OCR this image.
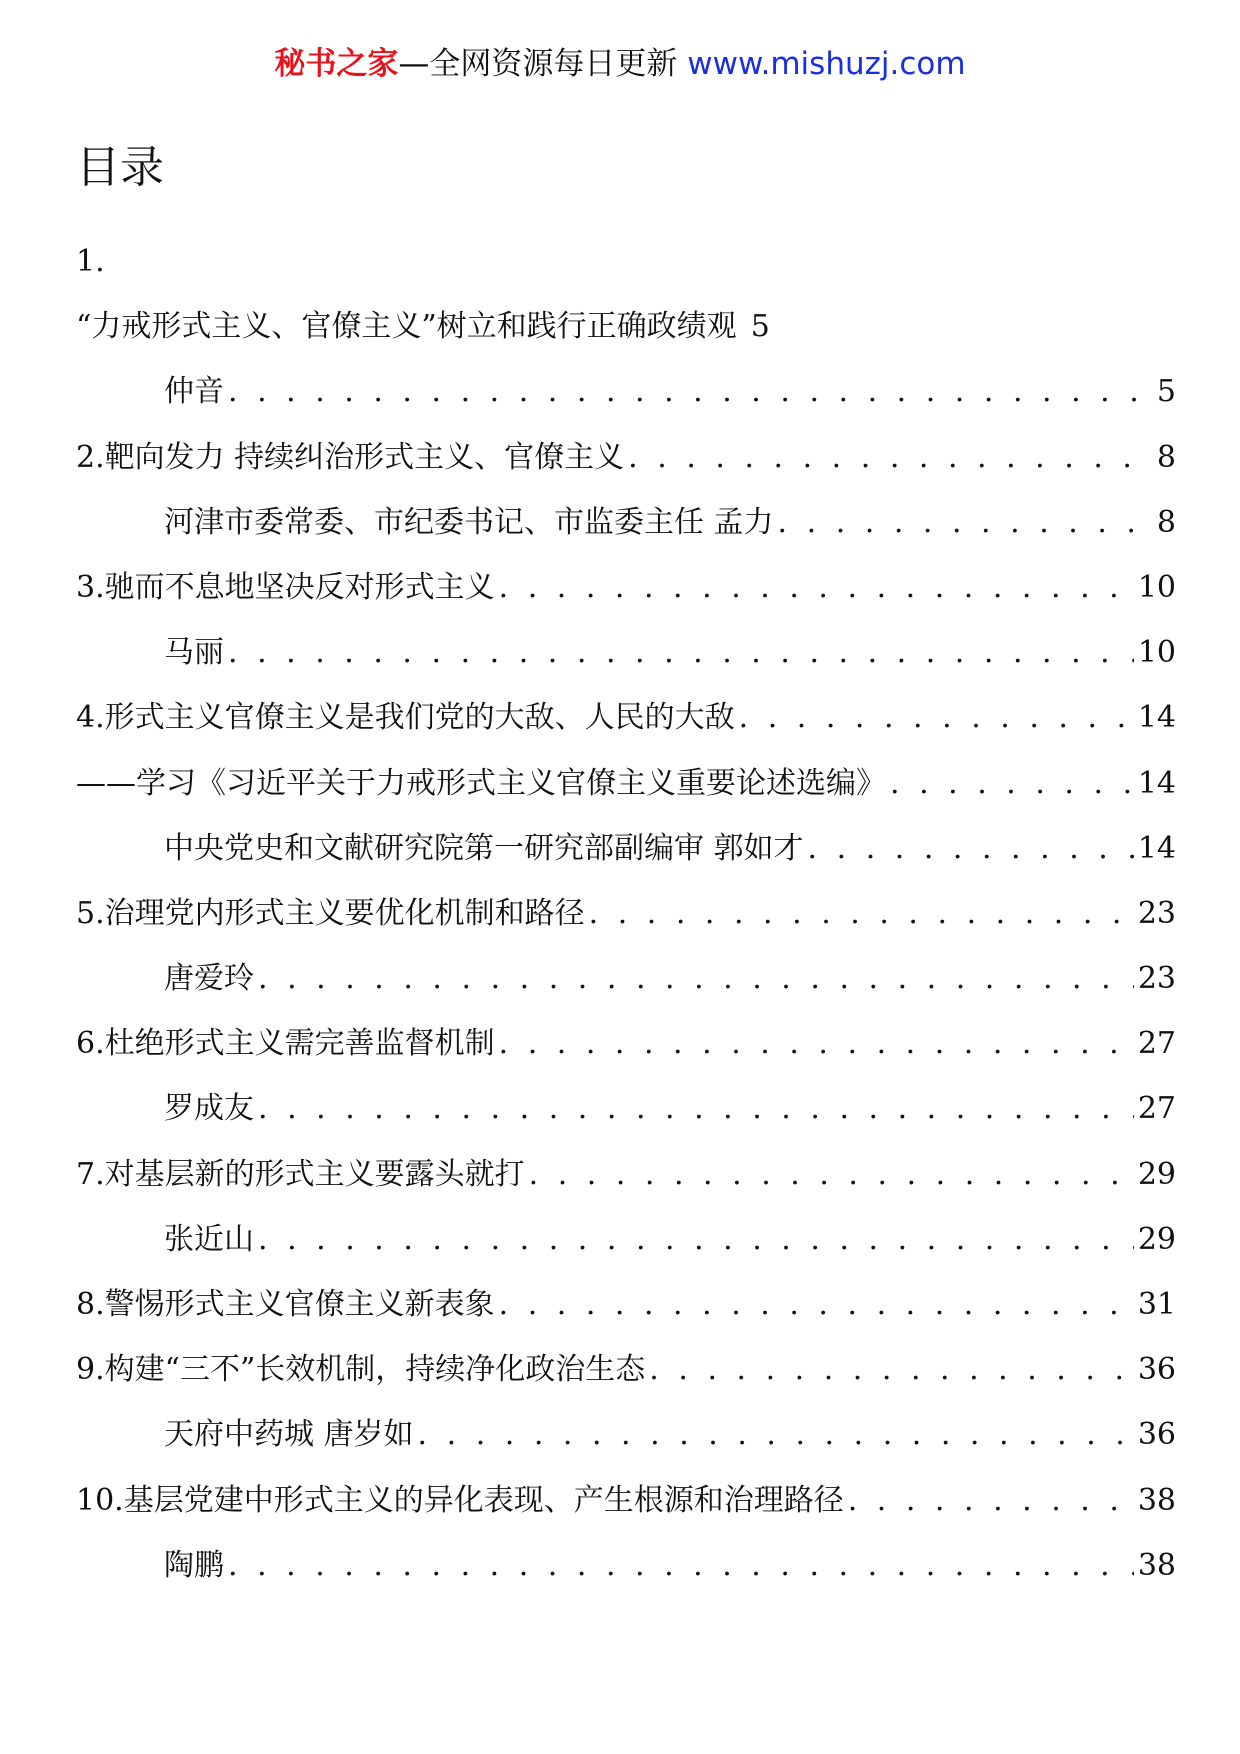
秘书之家—全网资源每日更新 www.mishuzj.com
目录
1.
“力戒形式主义、官僚主义”树立和践行正确政绩观 5
仲音 . . .	5
2.靶向发力 持续纠治形式主义、官僚主义 . . .	8
河津市委常委、市纪委书记、市监委主任 孟力 . . .	8
3.驰而不息地坚决反对形式主义 . . .	10
马丽 . . .	10
4.形式主义官僚主义是我们党的大敌、人民的大敌 . . .	14
——学习《习近平关于力戒形式主义官僚主义重要论述选编》 . . .	14
中央党史和文献研究院第一研究部副编审 郭如才 . . .	14
5.治理党内形式主义要优化机制和路径 . . .	23
唐爱玲 . . .	23
6.杜绝形式主义需完善监督机制 . . .	27
罗成友 . . .	27
7.对基层新的形式主义要露头就打 . . .	29
张近山 . . .	29
8.警惕形式主义官僚主义新表象 . . .	31
9.构建“三不”长效机制，持续净化政治生态 . . .	36
天府中药城 唐岁如 . . .	36
10.基层党建中形式主义的异化表现、产生根源和治理路径 . . .	38
陶鹏 . . .	38
